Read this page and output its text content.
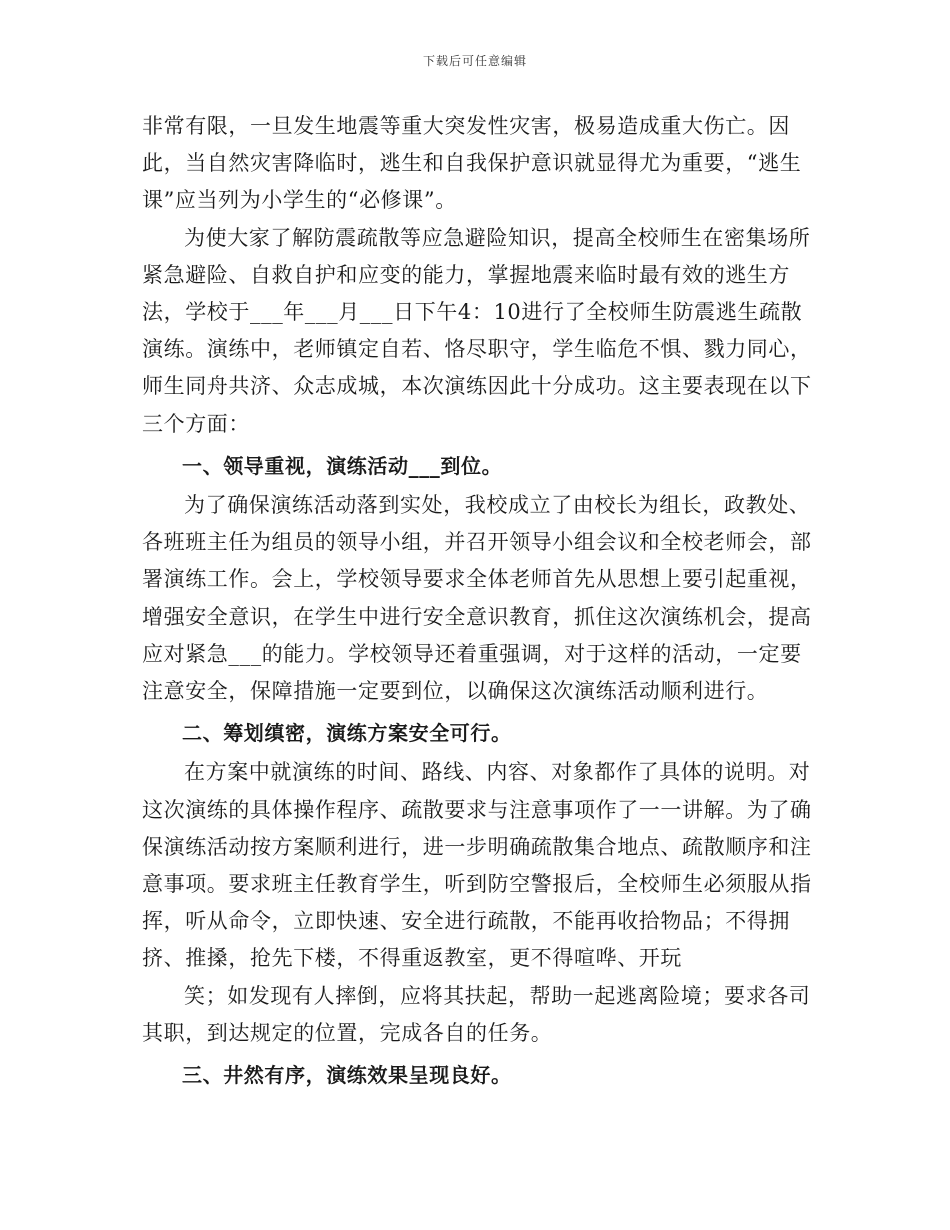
下载后可任意编辑

非常有限，一旦发生地震等重大突发性灾害，极易造成重大伤亡。因此，当自然灾害降临时，逃生和自我保护意识就显得尤为重要，“逃生课”应当列为小学生的“必修课”。

为使大家了解防震疏散等应急避险知识，提高全校师生在密集场所紧急避险、自救自护和应变的能力，掌握地震来临时最有效的逃生方法，学校于___年___月___日下午4：10进行了全校师生防震逃生疏散演练。演练中，老师镇定自若、恪尽职守，学生临危不惧、戮力同心，师生同舟共济、众志成城，本次演练因此十分成功。这主要表现在以下三个方面：

一、领导重视，演练活动___到位。

为了确保演练活动落到实处，我校成立了由校长为组长，政教处、各班班主任为组员的领导小组，并召开领导小组会议和全校老师会，部署演练工作。会上，学校领导要求全体老师首先从思想上要引起重视，增强安全意识，在学生中进行安全意识教育，抓住这次演练机会，提高应对紧急___的能力。学校领导还着重强调，对于这样的活动，一定要注意安全，保障措施一定要到位，以确保这次演练活动顺利进行。

二、筹划缜密，演练方案安全可行。

在方案中就演练的时间、路线、内容、对象都作了具体的说明。对这次演练的具体操作程序、疏散要求与注意事项作了一一讲解。为了确保演练活动按方案顺利进行，进一步明确疏散集合地点、疏散顺序和注意事项。要求班主任教育学生，听到防空警报后，全校师生必须服从指挥，听从命令，立即快速、安全进行疏散，不能再收拾物品；不得拥挤、推搡，抢先下楼，不得重返教室，更不得喧哗、开玩

笑；如发现有人摔倒，应将其扶起，帮助一起逃离险境；要求各司其职，到达规定的位置，完成各自的任务。

三、井然有序，演练效果呈现良好。
